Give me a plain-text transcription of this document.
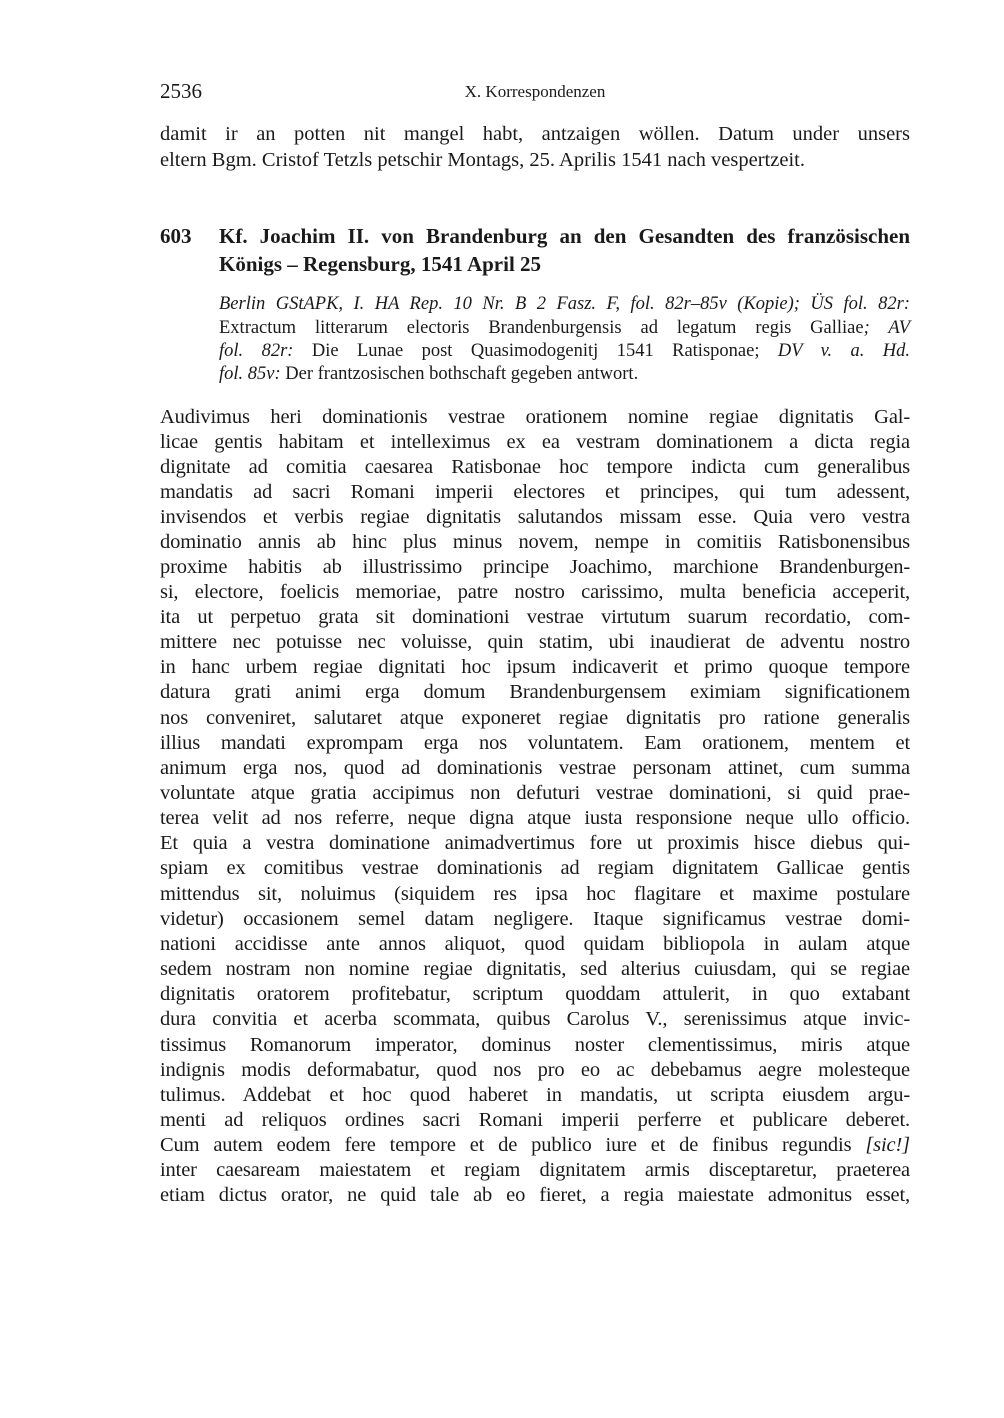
2536	X. Korrespondenzen
damit ir an potten nit mangel habt, antzaigen wöllen. Datum under unsers
eltern Bgm. Cristof Tetzls petschir Montags, 25. Aprilis 1541 nach vespertzeit.
603 Kf. Joachim II. von Brandenburg an den Gesandten des französischen
Königs – Regensburg, 1541 April 25
Berlin GStAPK, I. HA Rep. 10 Nr. B 2 Fasz. F, fol. 82r–85v (Kopie); ÜS fol. 82r:
Extractum litterarum electoris Brandenburgensis ad legatum regis Galliae; AV
fol. 82r: Die Lunae post Quasimodogenitj 1541 Ratisponae; DV v. a. Hd.
fol. 85v: Der frantzosischen bothschaft gegeben antwort.
Audivimus heri dominationis vestrae orationem nomine regiae dignitatis Gal-
licae gentis habitam et intelleximus ex ea vestram dominationem a dicta regia
dignitate ad comitia caesarea Ratisbonae hoc tempore indicta cum generalibus
mandatis ad sacri Romani imperii electores et principes, qui tum adessent,
invisendos et verbis regiae dignitatis salutandos missam esse. Quia vero vestra
dominatio annis ab hinc plus minus novem, nempe in comitiis Ratisbonensibus
proxime habitis ab illustrissimo principe Joachimo, marchione Brandenburgen-
si, electore, foelicis memoriae, patre nostro carissimo, multa beneficia acceperit,
ita ut perpetuo grata sit dominationi vestrae virtutum suarum recordatio, com-
mittere nec potuisse nec voluisse, quin statim, ubi inaudierat de adventu nostro
in hanc urbem regiae dignitati hoc ipsum indicaverit et primo quoque tempore
datura grati animi erga domum Brandenburgensem eximiam significationem
nos conveniret, salutaret atque exponeret regiae dignitatis pro ratione generalis
illius mandati exprompam erga nos voluntatem. Eam orationem, mentem et
animum erga nos, quod ad dominationis vestrae personam attinet, cum summa
voluntate atque gratia accipimus non defuturi vestrae dominationi, si quid prae-
terea velit ad nos referre, neque digna atque iusta responsione neque ullo officio.
Et quia a vestra dominatione animadvertimus fore ut proximis hisce diebus qui-
spiam ex comitibus vestrae dominationis ad regiam dignitatem Gallicae gentis
mittendus sit, noluimus (siquidem res ipsa hoc flagitare et maxime postulare
videtur) occasionem semel datam negligere. Itaque significamus vestrae domi-
nationi accidisse ante annos aliquot, quod quidam bibliopola in aulam atque
sedem nostram non nomine regiae dignitatis, sed alterius cuiusdam, qui se regiae
dignitatis oratorem profitebatur, scriptum quoddam attulerit, in quo extabant
dura convitia et acerba scommata, quibus Carolus V., serenissimus atque invic-
tissimus Romanorum imperator, dominus noster clementissimus, miris atque
indignis modis deformabatur, quod nos pro eo ac debebamus aegre molesteque
tulimus. Addebat et hoc quod haberet in mandatis, ut scripta eiusdem argu-
menti ad reliquos ordines sacri Romani imperii perferre et publicare deberet.
Cum autem eodem fere tempore et de publico iure et de finibus regundis [sic!]
inter caesaream maiestatem et regiam dignitatem armis disceptaretur, praeterea
etiam dictus orator, ne quid tale ab eo fieret, a regia maiestate admonitus esset,
